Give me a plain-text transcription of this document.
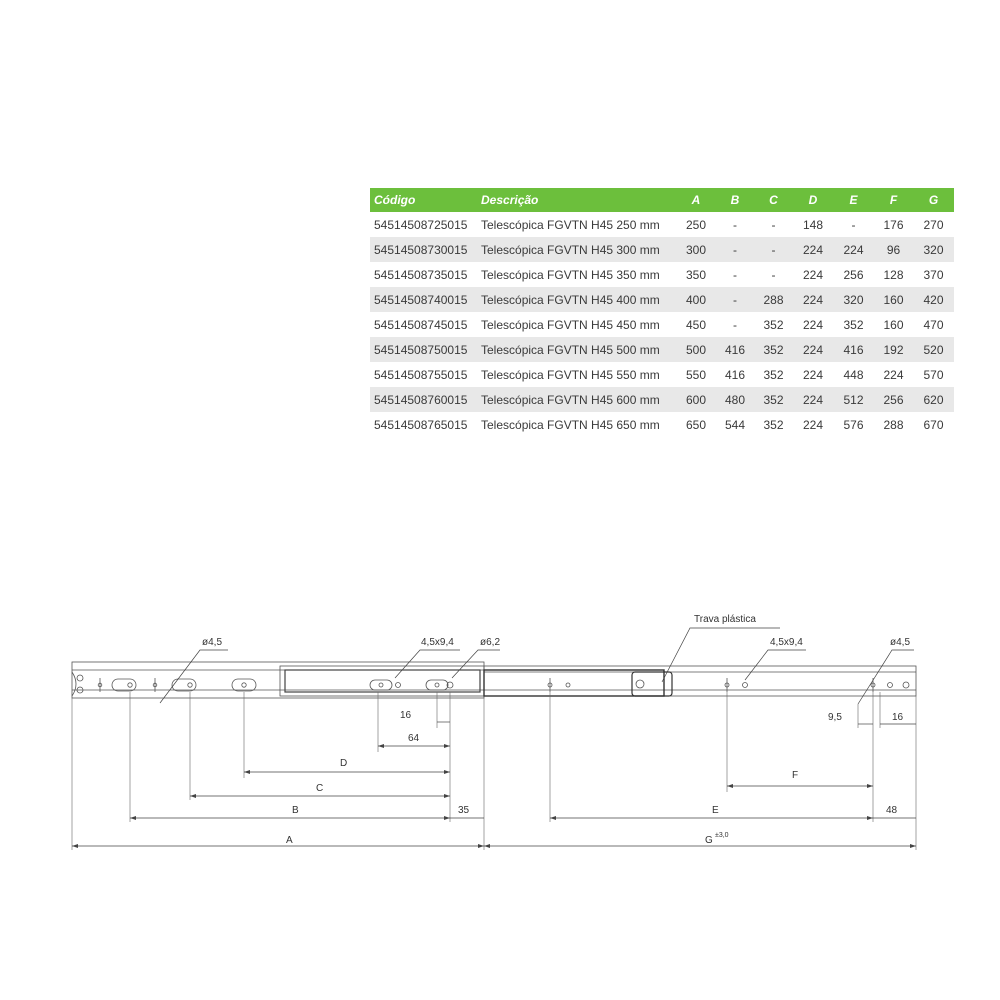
Código	Descrição	A	B	C	D	E	F	G
54514508725015	Telescópica FGVTN H45 250 mm	250	-	-	148	-	176	270
54514508730015	Telescópica FGVTN H45 300 mm	300	-	-	224	224	96	320
54514508735015	Telescópica FGVTN H45 350 mm	350	-	-	224	256	128	370
54514508740015	Telescópica FGVTN H45 400 mm	400	-	288	224	320	160	420
54514508745015	Telescópica FGVTN H45 450 mm	450	-	352	224	352	160	470
54514508750015	Telescópica FGVTN H45 500 mm	500	416	352	224	416	192	520
54514508755015	Telescópica FGVTN H45 550 mm	550	416	352	224	448	224	570
54514508760015	Telescópica FGVTN H45 600 mm	600	480	352	224	512	256	620
54514508765015	Telescópica FGVTN H45 650 mm	650	544	352	224	576	288	670
Trava plástica
ø4,5	4,5x9,4	ø6,2	4,5x9,4	ø4,5
16
64
D
C
B	35
A
9,5	16
F
E	48
G ±3,0
